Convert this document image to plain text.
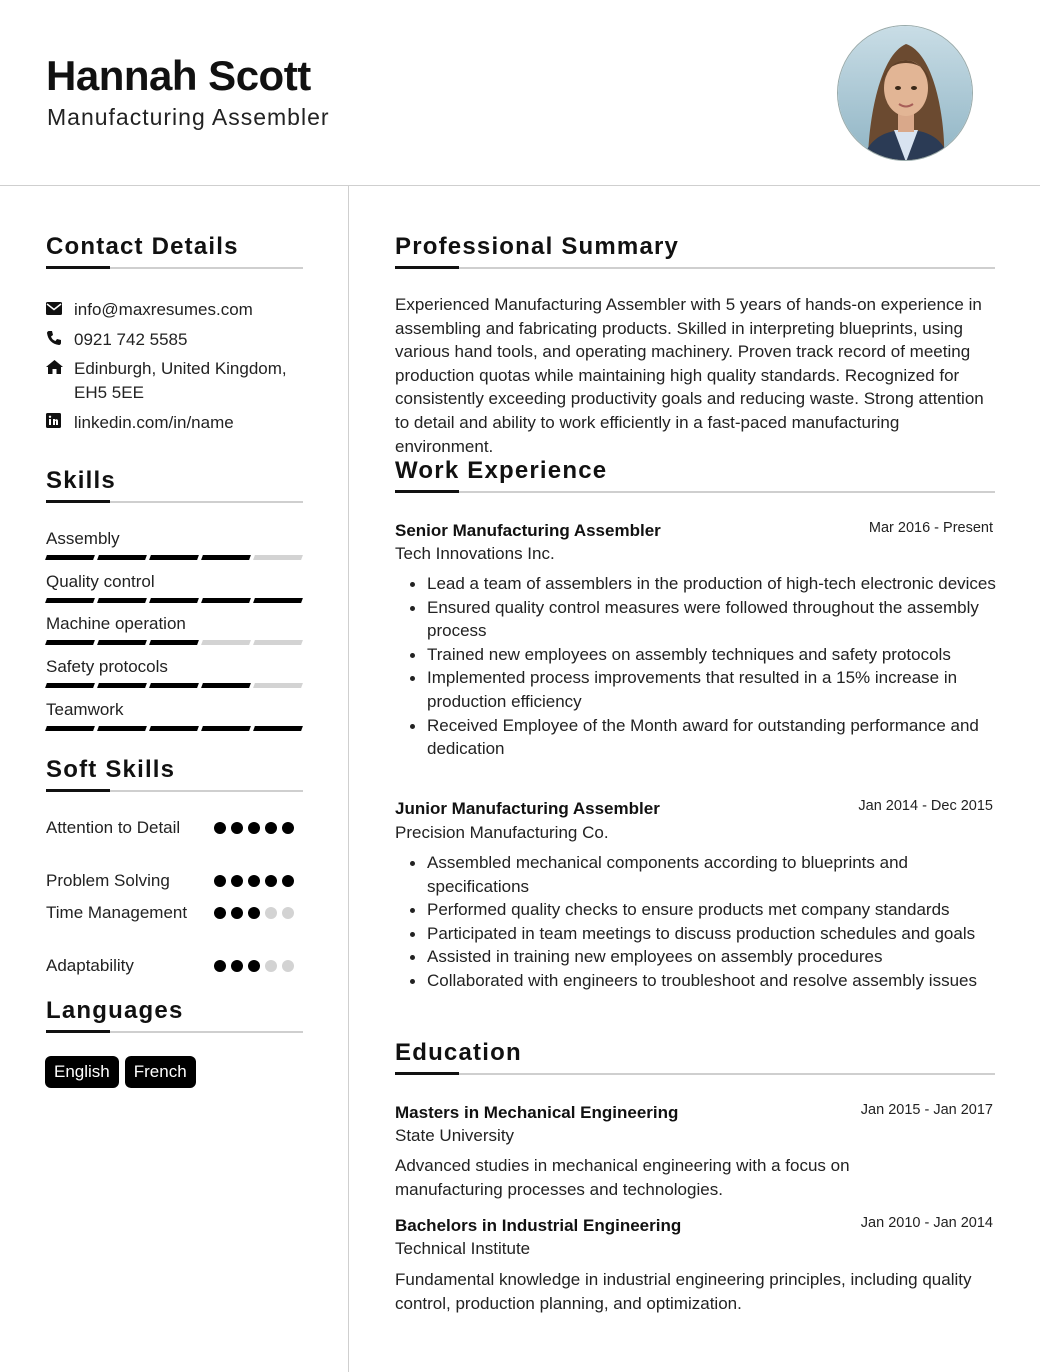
Hannah Scott
Manufacturing Assembler
Contact Details
info@maxresumes.com
0921 742 5585
Edinburgh, United Kingdom, EH5 5EE
linkedin.com/in/name
Skills
Assembly
Quality control
Machine operation
Safety protocols
Teamwork
Soft Skills
Attention to Detail
Problem Solving
Time Management
Adaptability
Languages
English	French
Professional Summary
Experienced Manufacturing Assembler with 5 years of hands-on experience in assembling and fabricating products. Skilled in interpreting blueprints, using various hand tools, and operating machinery. Proven track record of meeting production quotas while maintaining high quality standards. Recognized for consistently exceeding productivity goals and reducing waste. Strong attention to detail and ability to work efficiently in a fast-paced manufacturing environment.
Work Experience
Senior Manufacturing Assembler	Mar 2016 - Present
Tech Innovations Inc.
Lead a team of assemblers in the production of high-tech electronic devices
Ensured quality control measures were followed throughout the assembly process
Trained new employees on assembly techniques and safety protocols
Implemented process improvements that resulted in a 15% increase in production efficiency
Received Employee of the Month award for outstanding performance and dedication
Junior Manufacturing Assembler	Jan 2014 - Dec 2015
Precision Manufacturing Co.
Assembled mechanical components according to blueprints and specifications
Performed quality checks to ensure products met company standards
Participated in team meetings to discuss production schedules and goals
Assisted in training new employees on assembly procedures
Collaborated with engineers to troubleshoot and resolve assembly issues
Education
Masters in Mechanical Engineering	Jan 2015 - Jan 2017
State University
Advanced studies in mechanical engineering with a focus on manufacturing processes and technologies.
Bachelors in Industrial Engineering	Jan 2010 - Jan 2014
Technical Institute
Fundamental knowledge in industrial engineering principles, including quality control, production planning, and optimization.
